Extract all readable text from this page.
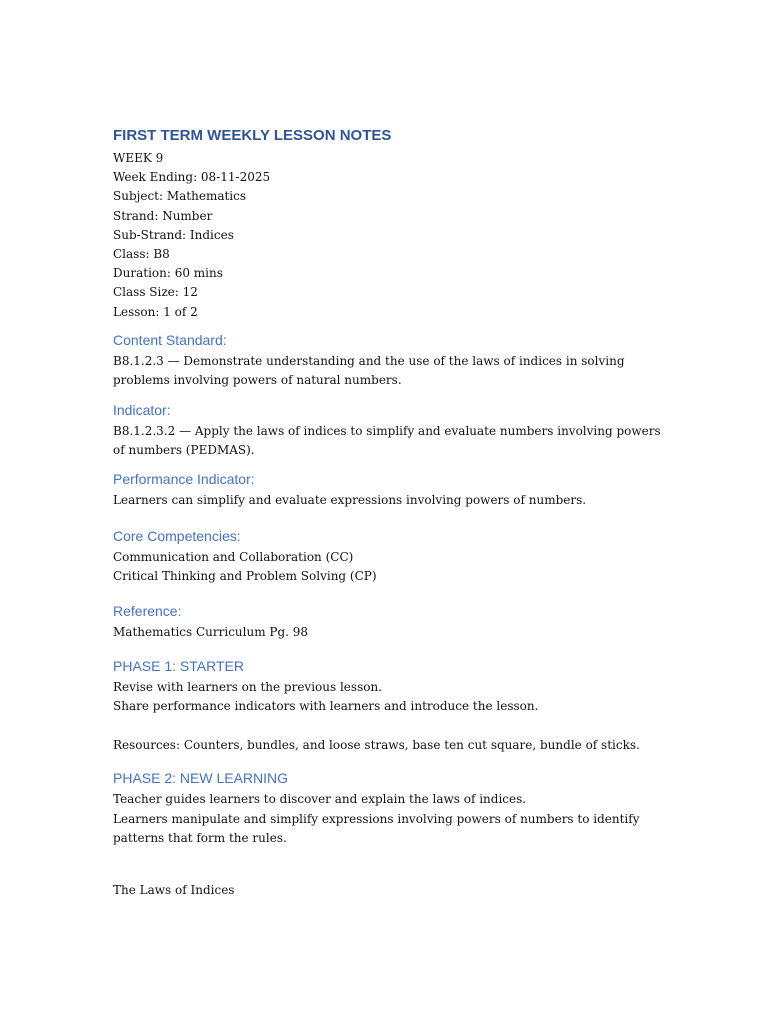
FIRST TERM WEEKLY LESSON NOTES

WEEK 9

Week Ending: 08-11-2025

Subject: Mathematics

Strand: Number

Sub-Strand: Indices

Class: B8

Duration: 60 mins

Class Size: 12

Lesson: 1 of 2

Content Standard:

B8.1.2.3 — Demonstrate understanding and the use of the laws of indices in solving

problems involving powers of natural numbers.

Indicator:

B8.1.2.3.2 — Apply the laws of indices to simplify and evaluate numbers involving powers

of numbers (PEDMAS).

Performance Indicator:

Learners can simplify and evaluate expressions involving powers of numbers.

Core Competencies:

Communication and Collaboration (CC)

Critical Thinking and Problem Solving (CP)

Reference:

Mathematics Curriculum Pg. 98

PHASE 1: STARTER

Revise with learners on the previous lesson.

Share performance indicators with learners and introduce the lesson.

Resources: Counters, bundles, and loose straws, base ten cut square, bundle of sticks.

PHASE 2: NEW LEARNING

Teacher guides learners to discover and explain the laws of indices.

Learners manipulate and simplify expressions involving powers of numbers to identify

patterns that form the rules.

The Laws of Indices
